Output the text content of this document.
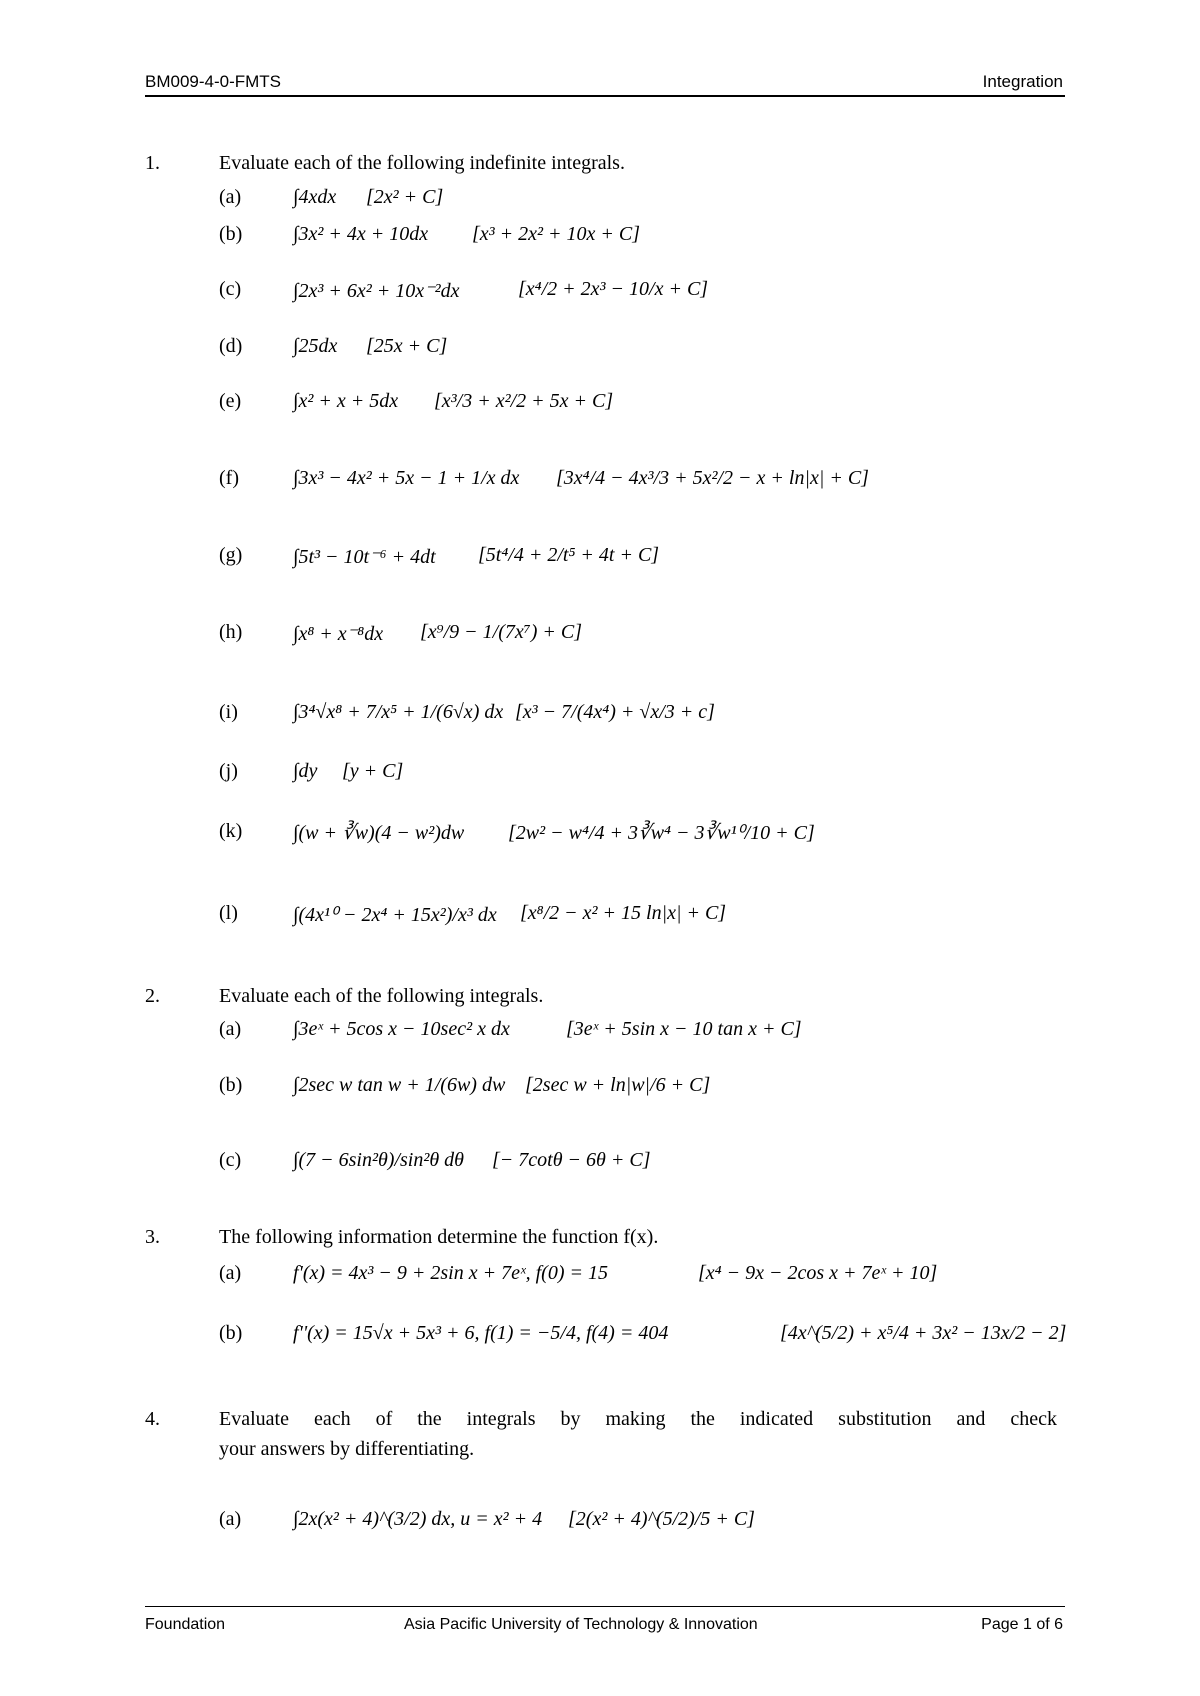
BM009-4-0-FMTS	Integration
1.	Evaluate each of the following indefinite integrals.
(a)	∫4xdx [2x² + C]
(b)	∫3x² + 4x + 10dx [x³ + 2x² + 10x + C]
(c)	∫2x³ + 6x² + 10x⁻²dx	[x⁴/2 + 2x³ − 10/x + C]
(d)	∫25dx [25x + C]
(e)	∫x² + x + 5dx [x³/3 + x²/2 + 5x + C]
(f)	∫3x³ − 4x² + 5x − 1 + 1/x dx [3x⁴/4 − 4x³/3 + 5x²/2 − x + ln|x| + C]
(g)	∫5t³ − 10t⁻⁶ + 4dt [5t⁴/4 + 2/t⁵ + 4t + C]
(h)	∫x⁸ + x⁻⁸dx [x⁹/9 − 1/(7x⁷) + C]
(i)	∫3⁴√x⁸ + 7/x⁵ + 1/(6√x) dx [x³ − 7/(4x⁴) + √x/3 + c]
(j)	∫dy [y + C]
(k)	∫(w + ∛w)(4 − w²)dw [2w² − w⁴/4 + 3∛w⁴ − 3∛w¹⁰/10 + C]
(l)	∫(4x¹⁰ − 2x⁴ + 15x²)/x³ dx [x⁸/2 − x² + 15 ln|x| + C]
2.	Evaluate each of the following integrals.
(a)	∫3eˣ + 5cos x − 10sec² x dx	[3eˣ + 5sin x − 10 tan x + C]
(b)	∫2sec w tan w + 1/(6w) dw [2sec w + ln|w|/6 + C]
(c)	∫(7 − 6sin²θ)/sin²θ dθ [− 7cotθ − 6θ + C]
3.	The following information determine the function f(x).
(a)	f'(x) = 4x³ − 9 + 2sin x + 7eˣ, f(0) = 15	[x⁴ − 9x − 2cos x + 7eˣ + 10]
(b)	f''(x) = 15√x + 5x³ + 6, f(1) = −5/4, f(4) = 404	[4x^(5/2) + x⁵/4 + 3x² − 13x/2 − 2]
4.	Evaluate each of the integrals by making the indicated substitution and check
your answers by differentiating.
(a)	∫2x(x² + 4)^(3/2) dx, u = x² + 4 [2(x² + 4)^(5/2)/5 + C]
Foundation	Asia Pacific University of Technology & Innovation	Page 1 of 6
